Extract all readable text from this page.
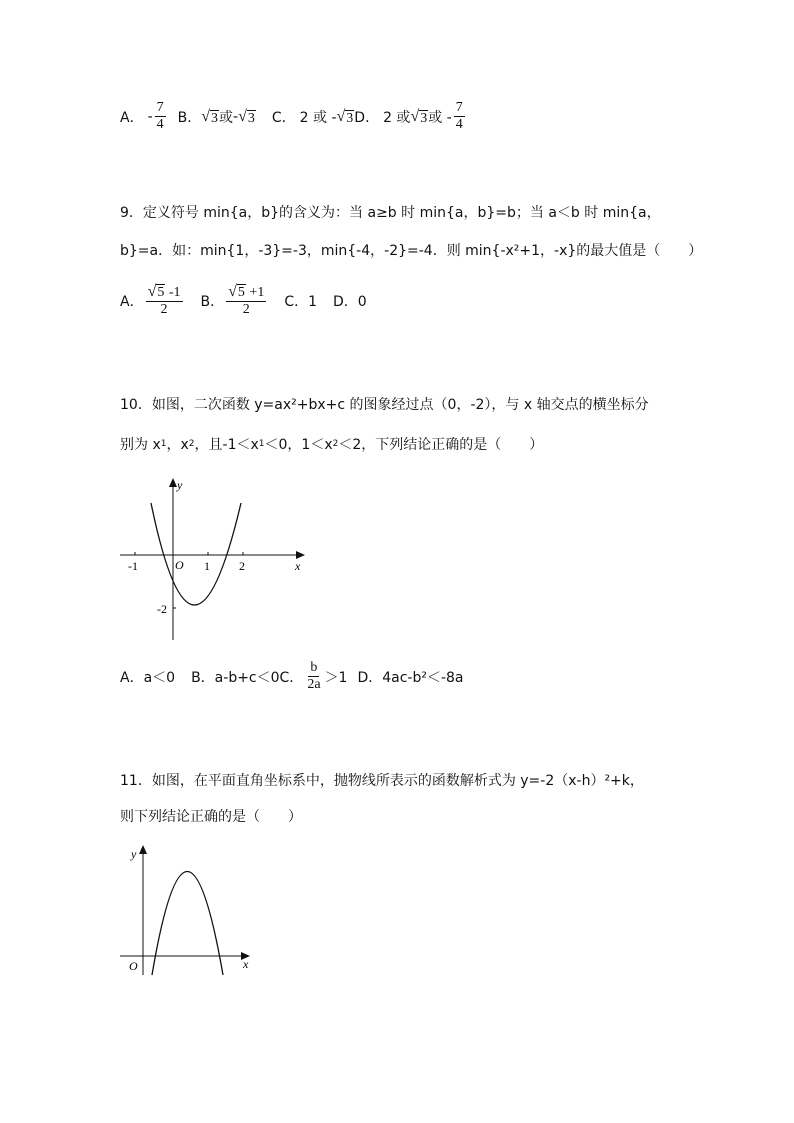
A． - $\frac{7}{4}$ B． √ 3 或 - √ 3 C． 2 或 - √ 3 D． 2 或 √ 3 或 - $\frac{7}{4}$
9．定义符号 min{a，b}的含义为：当 a≥b 时 min{a，b}=b；当 a＜b 时 min{a，
b}=a．如：min{1，-3}=-3，min{-4，-2}=-4．则 min{-x²+1，-x}的最大值是（　　）
A． $\frac{√ 5 -1}{2}$ B． $\frac{√ 5 +1}{2}$ C．1 D．0
10．如图，二次函数 y=ax²+bx+c 的图象经过点（0，-2），与 x 轴交点的横坐标分
别为 x 1 ，x 2 ，且-1＜x 1 ＜0，1＜x 2 ＜2，下列结论正确的是（　　）
y
x
O
-1	1 2
-2
A．a＜0 B．a-b+c＜0C． $\frac{b}{2a} >1$ D．4ac-b²＜-8a
11．如图，在平面直角坐标系中，抛物线所表示的函数解析式为 y=-2（x-h）²+k，
则下列结论正确的是（　　）
y
x
O
